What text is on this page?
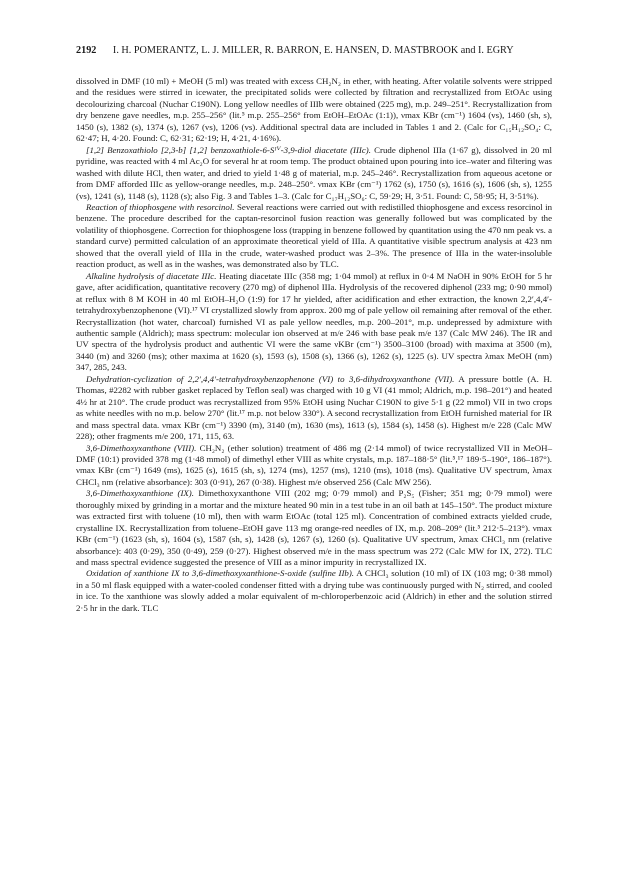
2192 I. H. POMERANTZ, L. J. MILLER, R. BARRON, E. HANSEN, D. MASTBROOK and I. EGRY

dissolved in DMF (10 ml) + MeOH (5 ml) was treated with excess CH₂N₂ in ether, with heating. After volatile solvents were stripped and the residues were stirred in icewater, the precipitated solids were collected by filtration and recrystallized from EtOAc using decolourizing charcoal (Nuchar C190N). Long yellow needles of IIIb were obtained (225 mg), m.p. 249–251°. Recrystallization from dry benzene gave needles, m.p. 255–256° (lit.⁵ m.p. 255–256° from EtOH–EtOAc (1:1)), νmax KBr (cm⁻¹) 1604 (vs), 1460 (sh, s), 1450 (s), 1382 (s), 1374 (s), 1267 (vs), 1206 (vs). Additional spectral data are included in Tables 1 and 2. (Calc for C₁₅H₁₂SO₄: C, 62·47; H, 4·20. Found: C, 62·31; 62·19; H, 4·21, 4·16%).

[1,2] Benzoxathiolo [2,3-b] [1,2] benzoxathiole-6-Sᴵⱽ-3,9-diol diacetate (IIIc). Crude diphenol IIIa (1·67 g), dissolved in 20 ml pyridine, was reacted with 4 ml Ac₂O for several hr at room temp. The product obtained upon pouring into ice–water and filtering was washed with dilute HCl, then water, and dried to yield 1·48 g of material, m.p. 245–246°. Recrystallization from aqueous acetone or from DMF afforded IIIc as yellow-orange needles, m.p. 248–250°. νmax KBr (cm⁻¹) 1762 (s), 1750 (s), 1616 (s), 1606 (sh, s), 1255 (vs), 1241 (s), 1148 (s), 1128 (s); also Fig. 3 and Tables 1–3. (Calc for C₁₇H₁₂SO₆: C, 59·29; H, 3·51. Found: C, 58·95; H, 3·51%).

Reaction of thiophosgene with resorcinol. Several reactions were carried out with redistilled thiophosgene and excess resorcinol in benzene. The procedure described for the captan-resorcinol fusion reaction was generally followed but was complicated by the volatility of thiophosgene. Correction for thiophosgene loss (trapping in benzene followed by quantitation using the 470 nm peak vs. a standard curve) permitted calculation of an approximate theoretical yield of IIIa. A quantitative visible spectrum analysis at 423 nm showed that the overall yield of IIIa in the crude, water-washed product was 2–3%. The presence of IIIa in the water-insoluble reaction product, as well as in the washes, was demonstrated also by TLC.

Alkaline hydrolysis of diacetate IIIc. Heating diacetate IIIc (358 mg; 1·04 mmol) at reflux in 0·4 M NaOH in 90% EtOH for 5 hr gave, after acidification, quantitative recovery (270 mg) of diphenol IIIa. Hydrolysis of the recovered diphenol (233 mg; 0·90 mmol) at reflux with 8 M KOH in 40 ml EtOH–H₂O (1:9) for 17 hr yielded, after acidification and ether extraction, the known 2,2′,4,4′-tetrahydroxybenzophenone (VI).¹⁷ VI crystallized slowly from approx. 200 mg of pale yellow oil remaining after removal of the ether. Recrystallization (hot water, charcoal) furnished VI as pale yellow needles, m.p. 200–201°, m.p. undepressed by admixture with authentic sample (Aldrich); mass spectrum: molecular ion observed at m/e 246 with base peak m/e 137 (Calc MW 246). The IR and UV spectra of the hydrolysis product and authentic VI were the same νKBr (cm⁻¹) 3500–3100 (broad) with maxima at 3500 (m), 3440 (m) and 3260 (ms); other maxima at 1620 (s), 1593 (s), 1508 (s), 1366 (s), 1262 (s), 1225 (s). UV spectra λmax MeOH (nm) 347, 285, 243.

Dehydration-cyclization of 2,2′,4,4′-tetrahydroxybenzophenone (VI) to 3,6-dihydroxyxanthone (VII). A pressure bottle (A. H. Thomas, #2282 with rubber gasket replaced by Teflon seal) was charged with 10 g VI (41 mmol; Aldrich, m.p. 198–201°) and heated 4½ hr at 210°. The crude product was recrystallized from 95% EtOH using Nuchar C190N to give 5·1 g (22 mmol) VII in two crops as white needles with no m.p. below 270° (lit.¹⁷ m.p. not below 330°). A second recrystallization from EtOH furnished material for IR and mass spectral data. νmax KBr (cm⁻¹) 3390 (m), 3140 (m), 1630 (ms), 1613 (s), 1584 (s), 1458 (s). Highest m/e 228 (Calc MW 228); other fragments m/e 200, 171, 115, 63.

3,6-Dimethoxyxanthone (VIII). CH₂N₂ (ether solution) treatment of 486 mg (2·14 mmol) of twice recrystallized VII in MeOH–DMF (10:1) provided 378 mg (1·48 mmol) of dimethyl ether VIII as white crystals, m.p. 187–188·5° (lit.⁵,¹⁷ 189·5–190°, 186–187°). νmax KBr (cm⁻¹) 1649 (ms), 1625 (s), 1615 (sh, s), 1274 (ms), 1257 (ms), 1210 (ms), 1018 (ms). Qualitative UV spectrum, λmax CHCl₃ nm (relative absorbance): 303 (0·91), 267 (0·38). Highest m/e observed 256 (Calc MW 256).

3,6-Dimethoxyxanthione (IX). Dimethoxyxanthone VIII (202 mg; 0·79 mmol) and P₂S₅ (Fisher; 351 mg; 0·79 mmol) were thoroughly mixed by grinding in a mortar and the mixture heated 90 min in a test tube in an oil bath at 145–150°. The product mixture was extracted first with toluene (10 ml), then with warm EtOAc (total 125 ml). Concentration of combined extracts yielded crude, crystalline IX. Recrystallization from toluene–EtOH gave 113 mg orange-red needles of IX, m.p. 208–209° (lit.⁵ 212·5–213°). νmax KBr (cm⁻¹) (1623 (sh, s), 1604 (s), 1587 (sh, s), 1428 (s), 1267 (s), 1260 (s). Qualitative UV spectrum, λmax CHCl₃ nm (relative absorbance): 403 (0·29), 350 (0·49), 259 (0·27). Highest observed m/e in the mass spectrum was 272 (Calc MW for IX, 272). TLC and mass spectral evidence suggested the presence of VIII as a minor impurity in recrystallized IX.

Oxidation of xanthione IX to 3,6-dimethoxyxanthione-S-oxide (sulfine IIb). A CHCl₃ solution (10 ml) of IX (103 mg; 0·38 mmol) in a 50 ml flask equipped with a water-cooled condenser fitted with a drying tube was continuously purged with N₂ stirred, and cooled in ice. To the xanthione was slowly added a molar equivalent of m-chloroperbenzoic acid (Aldrich) in ether and the solution stirred 2·5 hr in the dark. TLC
